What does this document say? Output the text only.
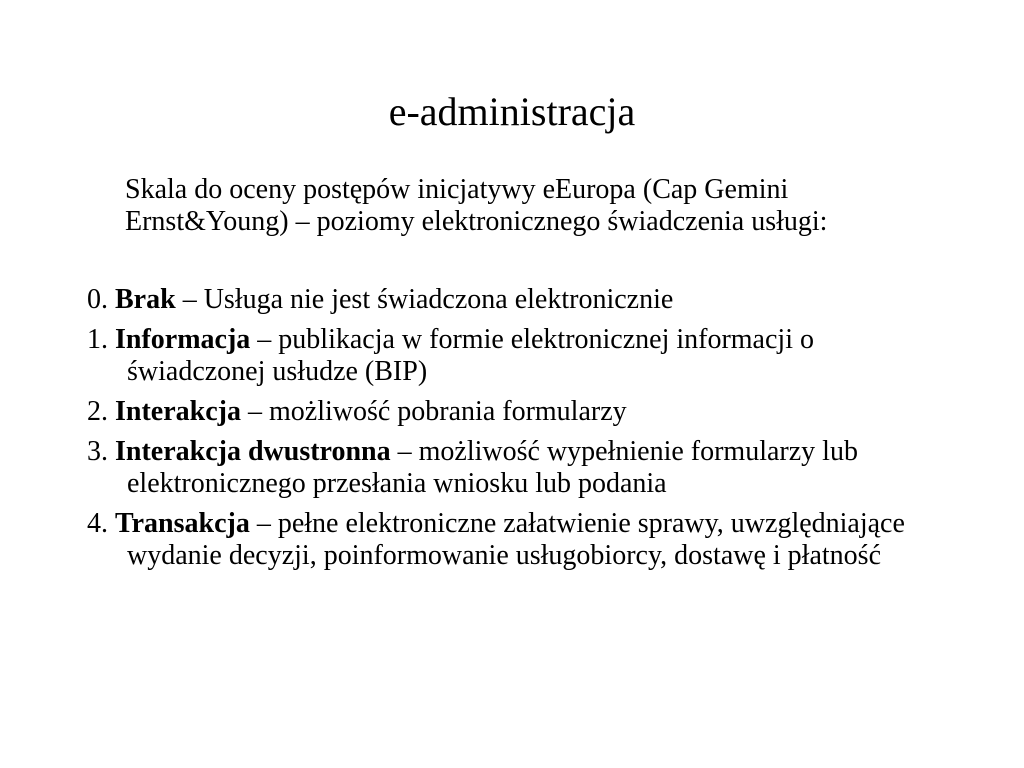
e-administracja

Skala do oceny postępów inicjatywy eEuropa (Cap Gemini Ernst&Young) – poziomy elektronicznego świadczenia usługi:

0. Brak – Usługa nie jest świadczona elektronicznie
1. Informacja – publikacja w formie elektronicznej informacji o świadczonej usłudze (BIP)
2. Interakcja – możliwość pobrania formularzy
3. Interakcja dwustronna – możliwość wypełnienie formularzy lub elektronicznego przesłania wniosku lub podania
4. Transakcja – pełne elektroniczne załatwienie sprawy, uwzględniające wydanie decyzji, poinformowanie usługobiorcy, dostawę i płatność
